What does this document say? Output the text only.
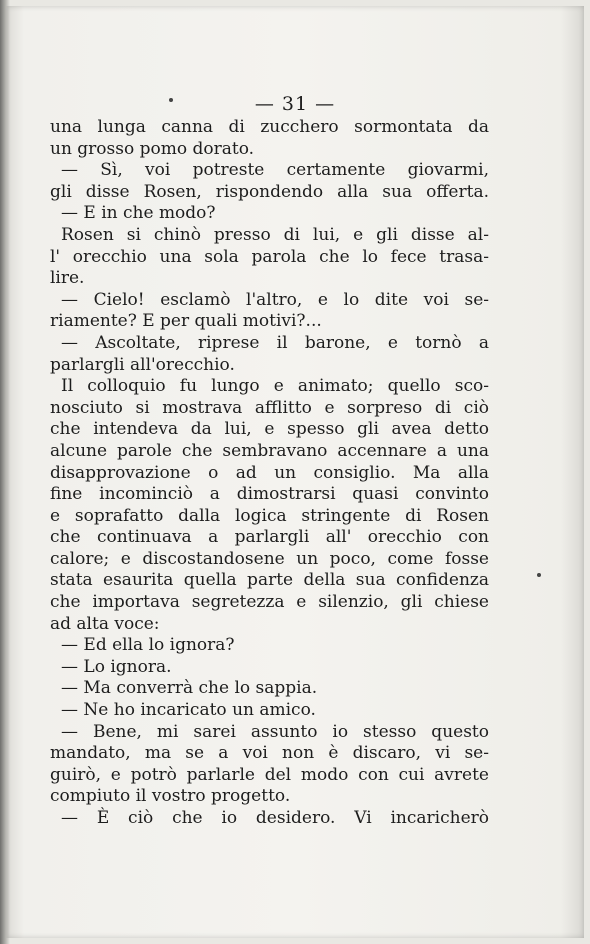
— 31 —
una lunga canna di zucchero sormontata da
un grosso pomo dorato.
— Sì, voi potreste certamente giovarmi,
gli disse Rosen, rispondendo alla sua offerta.
— E in che modo?
Rosen si chinò presso di lui, e gli disse al-
l' orecchio una sola parola che lo fece trasa-
lire.
— Cielo! esclamò l'altro, e lo dite voi se-
riamente? E per quali motivi?...
— Ascoltate, riprese il barone, e tornò a
parlargli all'orecchio.
Il colloquio fu lungo e animato; quello sco-
nosciuto si mostrava afflitto e sorpreso di ciò
che intendeva da lui, e spesso gli avea detto
alcune parole che sembravano accennare a una
disapprovazione o ad un consiglio. Ma alla
fine incominciò a dimostrarsi quasi convinto
e soprafatto dalla logica stringente di Rosen
che continuava a parlargli all' orecchio con
calore; e discostandosene un poco, come fosse
stata esaurita quella parte della sua confidenza
che importava segretezza e silenzio, gli chiese
ad alta voce:
— Ed ella lo ignora?
— Lo ignora.
— Ma converrà che lo sappia.
— Ne ho incaricato un amico.
— Bene, mi sarei assunto io stesso questo
mandato, ma se a voi non è discaro, vi se-
guirò, e potrò parlarle del modo con cui avrete
compiuto il vostro progetto.
— È ciò che io desidero. Vi incaricherò
